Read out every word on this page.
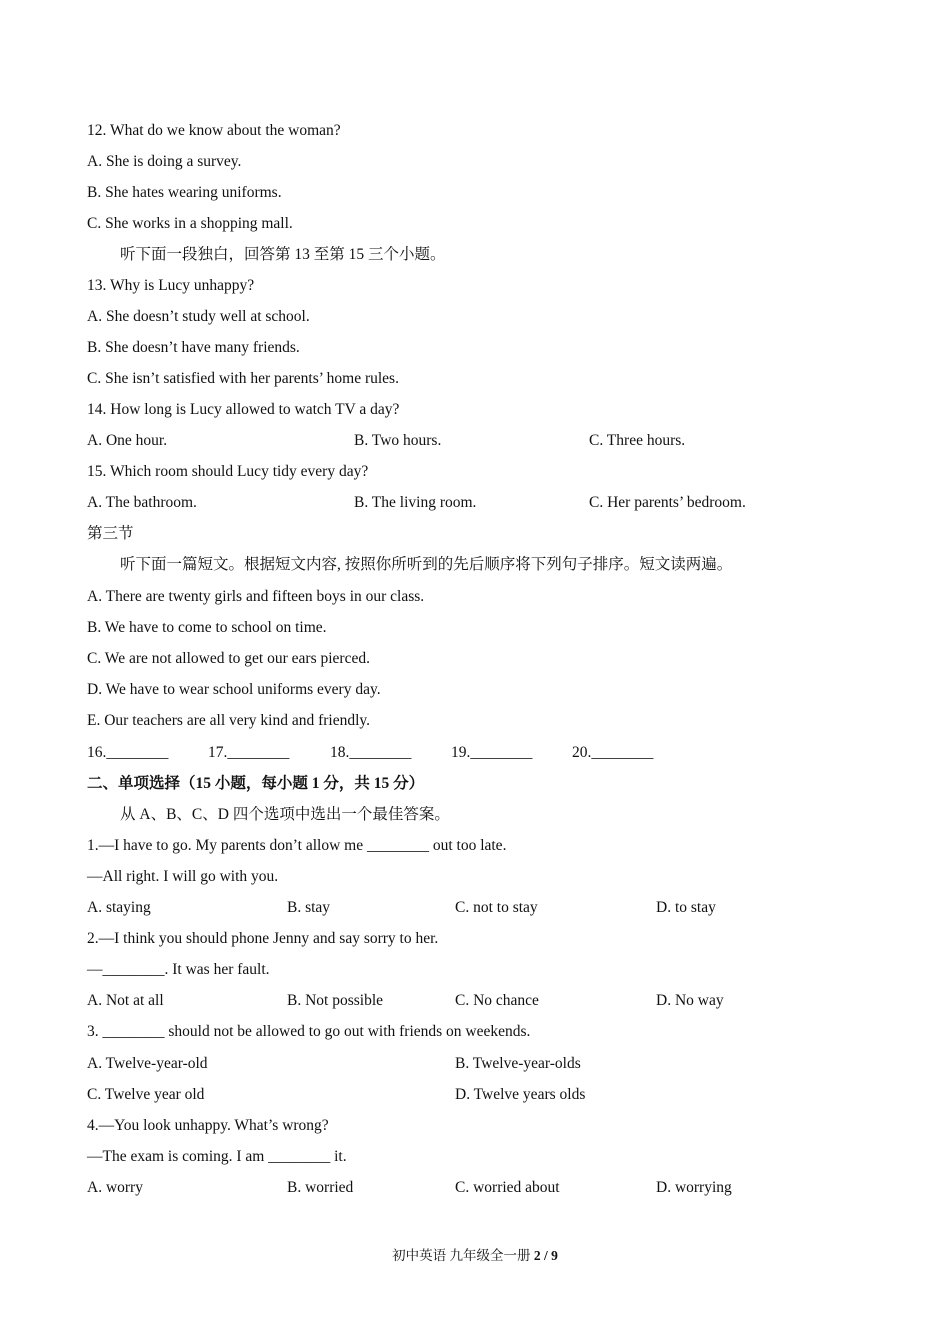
12. What do we know about the woman?
A. She is doing a survey.
B. She hates wearing uniforms.
C. She works in a shopping mall.
听下面一段独白，回答第 13 至第 15 三个小题。
13. Why is Lucy unhappy?
A. She doesn’t study well at school.
B. She doesn’t have many friends.
C. She isn’t satisfied with her parents’ home rules.
14. How long is Lucy allowed to watch TV a day?
A. One hour.	B. Two hours.	C. Three hours.
15. Which room should Lucy tidy every day?
A. The bathroom.	B. The living room.	C. Her parents’ bedroom.
第三节
听下面一篇短文。根据短文内容, 按照你所听到的先后顺序将下列句子排序。短文读两遍。
A. There are twenty girls and fifteen boys in our class.
B. We have to come to school on time.
C. We are not allowed to get our ears pierced.
D. We have to wear school uniforms every day.
E. Our teachers are all very kind and friendly.
16.________	17.________	18.________	19.________	20.________
二、单项选择（15 小题，每小题 1 分，共 15 分）
从 A、B、C、D 四个选项中选出一个最佳答案。
1.—I have to go. My parents don’t allow me ________ out too late.
—All right. I will go with you.
A. staying	B. stay	C. not to stay	D. to stay
2.—I think you should phone Jenny and say sorry to her.
—________. It was her fault.
A. Not at all	B. Not possible	C. No chance	D. No way
3. ________ should not be allowed to go out with friends on weekends.
A. Twelve-year-old	B. Twelve-year-olds
C. Twelve year old	D. Twelve years olds
4.—You look unhappy. What’s wrong?
—The exam is coming. I am ________ it.
A. worry	B. worried	C. worried about	D. worrying
初中英语 九年级全一册 2 / 9
